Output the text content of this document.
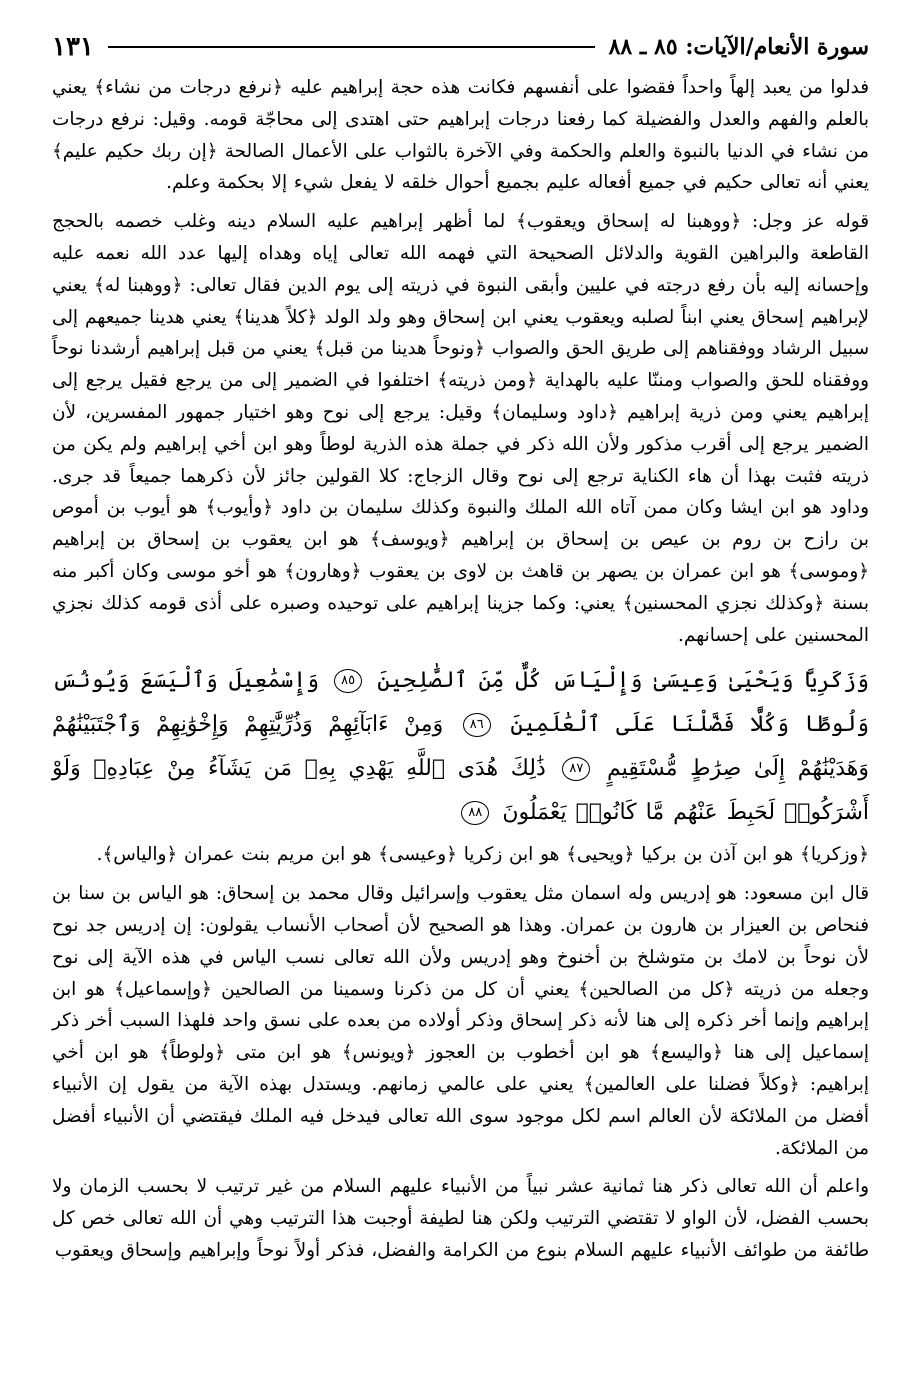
سورة الأنعام/الآيات: ٨٥ ـ ٨٨
١٣١

فدلوا من يعبد إلهاً واحداً فقضوا على أنفسهم فكانت هذه حجة إبراهيم عليه ﴿نرفع درجات من نشاء﴾ يعني بالعلم والفهم والعدل والفضيلة كما رفعنا درجات إبراهيم حتى اهتدى إلى محاجّة قومه. وقيل: نرفع درجات من نشاء في الدنيا بالنبوة والعلم والحكمة وفي الآخرة بالثواب على الأعمال الصالحة ﴿إن ربك حكيم عليم﴾ يعني أنه تعالى حكيم في جميع أفعاله عليم بجميع أحوال خلقه لا يفعل شيء إلا بحكمة وعلم.

قوله عز وجل: ﴿ووهبنا له إسحاق ويعقوب﴾ لما أظهر إبراهيم عليه السلام دينه وغلب خصمه بالحجج القاطعة والبراهين القوية والدلائل الصحيحة التي فهمه الله تعالى إياه وهداه إليها عدد الله نعمه عليه وإحسانه إليه بأن رفع درجته في عليين وأبقى النبوة في ذريته إلى يوم الدين فقال تعالى: ﴿ووهبنا له﴾ يعني لإبراهيم إسحاق يعني ابناً لصلبه ويعقوب يعني ابن إسحاق وهو ولد الولد ﴿كلاً هدينا﴾ يعني هدينا جميعهم إلى سبيل الرشاد ووفقناهم إلى طريق الحق والصواب ﴿ونوحاً هدينا من قبل﴾ يعني من قبل إبراهيم أرشدنا نوحاً ووفقناه للحق والصواب ومننّا عليه بالهداية ﴿ومن ذريته﴾ اختلفوا في الضمير إلى من يرجع فقيل يرجع إلى إبراهيم يعني ومن ذرية إبراهيم ﴿داود وسليمان﴾ وقيل: يرجع إلى نوح وهو اختيار جمهور المفسرين، لأن الضمير يرجع إلى أقرب مذكور ولأن الله ذكر في جملة هذه الذرية لوطاً وهو ابن أخي إبراهيم ولم يكن من ذريته فثبت بهذا أن هاء الكناية ترجع إلى نوح وقال الزجاج: كلا القولين جائز لأن ذكرهما جميعاً قد جرى. وداود هو ابن ايشا وكان ممن آتاه الله الملك والنبوة وكذلك سليمان بن داود ﴿وأيوب﴾ هو أيوب بن أموص بن رازح بن روم بن عيص بن إسحاق بن إبراهيم ﴿ويوسف﴾ هو ابن يعقوب بن إسحاق بن إبراهيم ﴿وموسى﴾ هو ابن عمران بن يصهر بن قاهث بن لاوى بن يعقوب ﴿وهارون﴾ هو أخو موسى وكان أكبر منه بسنة ﴿وكذلك نجزي المحسنين﴾ يعني: وكما جزينا إبراهيم على توحيده وصبره على أذى قومه كذلك نجزي المحسنين على إحسانهم.

وَزَكَرِيَّا وَيَحْيَىٰ وَعِيسَىٰ وَإِلْيَاسَ كُلٌّ مِّنَ ٱلصَّٰلِحِينَ ٨٥ وَإِسْمَٰعِيلَ وَٱلْيَسَعَ وَيُونُسَ وَلُوطًا وَكُلًّا فَضَّلْنَا عَلَى ٱلْعَٰلَمِينَ ٨٦ وَمِنْ ءَابَآئِهِمْ وَذُرِّيَّٰتِهِمْ وَإِخْوَٰنِهِمْ وَٱجْتَبَيْنَٰهُمْ وَهَدَيْنَٰهُمْ إِلَىٰ صِرَٰطٍ مُّسْتَقِيمٍ ٨٧ ذَٰلِكَ هُدَى ٱللَّهِ يَهْدِي بِهِۦ مَن يَشَآءُ مِنْ عِبَادِهِۦ وَلَوْ أَشْرَكُوا۟ لَحَبِطَ عَنْهُم مَّا كَانُوا۟ يَعْمَلُونَ ٨٨

﴿وزكريا﴾ هو ابن آذن بن بركيا ﴿ويحيى﴾ هو ابن زكريا ﴿وعيسى﴾ هو ابن مريم بنت عمران ﴿والياس﴾.

قال ابن مسعود: هو إدريس وله اسمان مثل يعقوب وإسرائيل وقال محمد بن إسحاق: هو الياس بن سنا بن فنحاص بن العيزار بن هارون بن عمران. وهذا هو الصحيح لأن أصحاب الأنساب يقولون: إن إدريس جد نوح لأن نوحاً بن لامك بن متوشلخ بن أخنوخ وهو إدريس ولأن الله تعالى نسب الياس في هذه الآية إلى نوح وجعله من ذريته ﴿كل من الصالحين﴾ يعني أن كل من ذكرنا وسمينا من الصالحين ﴿وإسماعيل﴾ هو ابن إبراهيم وإنما أخر ذكره إلى هنا لأنه ذكر إسحاق وذكر أولاده من بعده على نسق واحد فلهذا السبب أخر ذكر إسماعيل إلى هنا ﴿واليسع﴾ هو ابن أخطوب بن العجوز ﴿ويونس﴾ هو ابن متى ﴿ولوطاً﴾ هو ابن أخي إبراهيم: ﴿وكلاً فضلنا على العالمين﴾ يعني على عالمي زمانهم. ويستدل بهذه الآية من يقول إن الأنبياء أفضل من الملائكة لأن العالم اسم لكل موجود سوى الله تعالى فيدخل فيه الملك فيقتضي أن الأنبياء أفضل من الملائكة.

واعلم أن الله تعالى ذكر هنا ثمانية عشر نبياً من الأنبياء عليهم السلام من غير ترتيب لا بحسب الزمان ولا بحسب الفضل، لأن الواو لا تقتضي الترتيب ولكن هنا لطيفة أوجبت هذا الترتيب وهي أن الله تعالى خص كل طائفة من طوائف الأنبياء عليهم السلام بنوع من الكرامة والفضل، فذكر أولاً نوحاً وإبراهيم وإسحاق ويعقوب
